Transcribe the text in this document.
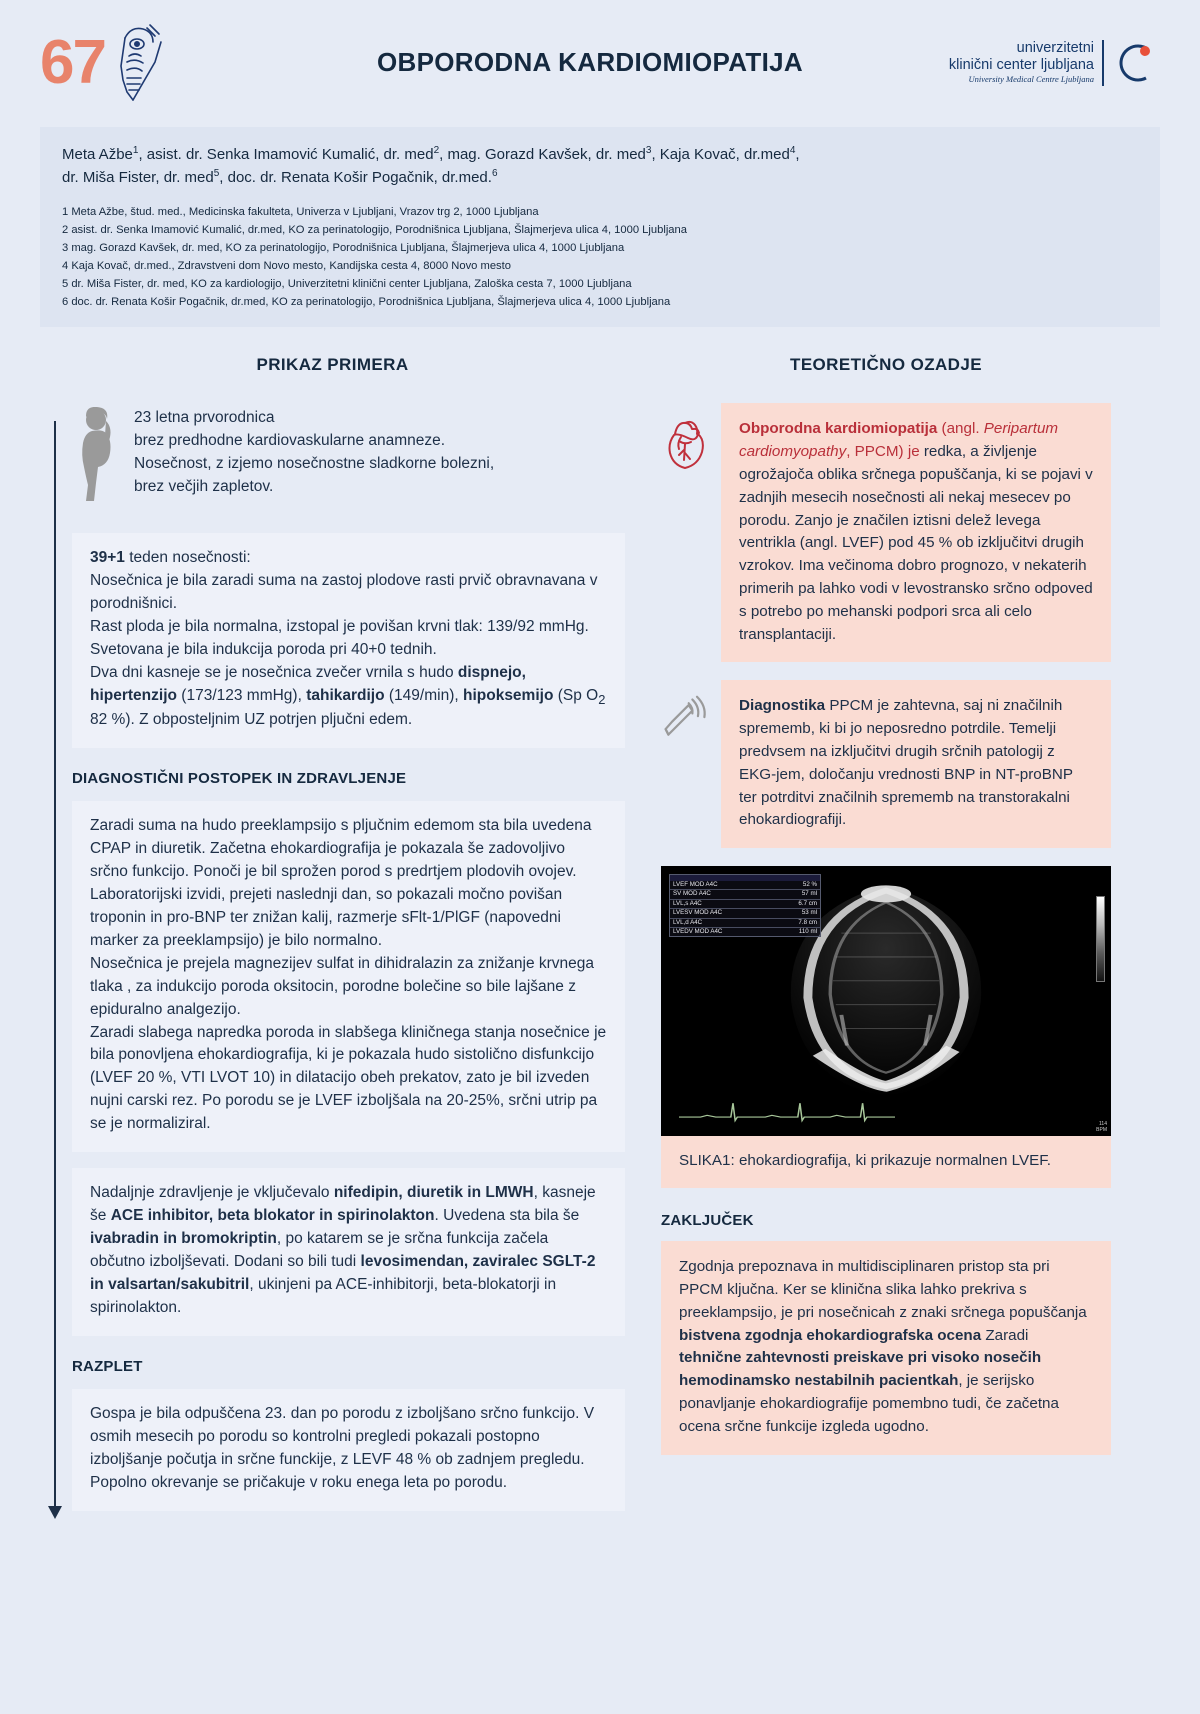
67	OBPORODNA KARDIOMIOPATIJA	univerzitetni
klinični center ljubljana
University Medical Centre Ljubljana
Meta Ažbe$^1$, asist. dr. Senka Imamović Kumalić, dr. med$^2$, mag. Gorazd Kavšek, dr. med$^3$, Kaja Kovač, dr.med$^4$,
dr. Miša Fister, dr. med$^5$, doc. dr. Renata Košir Pogačnik, dr.med.$^6$
1 Meta Ažbe, štud. med., Medicinska fakulteta, Univerza v Ljubljani, Vrazov trg 2, 1000 Ljubljana
2 asist. dr. Senka Imamović Kumalić, dr.med, KO za perinatologijo, Porodnišnica Ljubljana, Šlajmerjeva ulica 4, 1000 Ljubljana
3 mag. Gorazd Kavšek, dr. med, KO za perinatologijo, Porodnišnica Ljubljana, Šlajmerjeva ulica 4, 1000 Ljubljana
4 Kaja Kovač, dr.med., Zdravstveni dom Novo mesto, Kandijska cesta 4, 8000 Novo mesto
5 dr. Miša Fister, dr. med, KO za kardiologijo, Univerzitetni klinični center Ljubljana, Zaloška cesta 7, 1000 Ljubljana
6 doc. dr. Renata Košir Pogačnik, dr.med, KO za perinatologijo, Porodnišnica Ljubljana, Šlajmerjeva ulica 4, 1000 Ljubljana
PRIKAZ PRIMERA
23 letna prvorodnica
brez predhodne kardiovaskularne anamneze.
Nosečnost, z izjemo nosečnostne sladkorne bolezni,
brez večjih zapletov.
39+1 teden nosečnosti:
Nosečnica je bila zaradi suma na zastoj plodove rasti prvič obravnavana v porodnišnici.
Rast ploda je bila normalna, izstopal je povišan krvni tlak: 139/92 mmHg.
Svetovana je bila indukcija poroda pri 40+0 tednih.
Dva dni kasneje se je nosečnica zvečer vrnila s hudo dispnejo, hipertenzijo (173/123 mmHg), tahikardijo (149/min), hipoksemijo (Sp $O_2$ 82 %). Z obposteljnim UZ potrjen pljučni edem.
DIAGNOSTIČNI POSTOPEK IN ZDRAVLJENJE
Zaradi suma na hudo preeklampsijo s pljučnim edemom sta bila uvedena CPAP in diuretik. Začetna ehokardiografija je pokazala še zadovoljivo srčno funkcijo. Ponoči je bil sprožen porod s predrtjem plodovih ovojev.
Laboratorijski izvidi, prejeti naslednji dan, so pokazali močno povišan troponin in pro-BNP ter znižan kalij, razmerje sFlt-1/PlGF (napovedni marker za preeklampsijo) je bilo normalno.
Nosečnica je prejela magnezijev sulfat in dihidralazin za znižanje krvnega tlaka , za indukcijo poroda oksitocin, porodne bolečine so bile lajšane z epiduralno analgezijo.
Zaradi slabega napredka poroda in slabšega kliničnega stanja nosečnice je bila ponovljena ehokardiografija, ki je pokazala hudo sistolično disfunkcijo (LVEF 20 %, VTI LVOT 10) in dilatacijo obeh prekatov, zato je bil izveden nujni carski rez. Po porodu se je LVEF izboljšala na 20-25%, srčni utrip pa se je normaliziral.
Nadaljnje zdravljenje je vključevalo nifedipin, diuretik in LMWH, kasneje še ACE inhibitor, beta blokator in spirinolakton. Uvedena sta bila še ivabradin in bromokriptin, po katarem se je srčna funkcija začela občutno izboljševati. Dodani so bili tudi levosimendan, zaviralec SGLT-2 in valsartan/sakubitril, ukinjeni pa ACE-inhibitorji, beta-blokatorji in spirinolakton.
RAZPLET
Gospa je bila odpuščena 23. dan po porodu z izboljšano srčno funkcijo. V osmih mesecih po porodu so kontrolni pregledi pokazali postopno izboljšanje počutja in srčne funckije, z LEVF 48 % ob zadnjem pregledu. Popolno okrevanje se pričakuje v roku enega leta po porodu.
TEORETIČNO OZADJE
Obporodna kardiomiopatija (angl. Peripartum cardiomyopathy, PPCM) je redka, a življenje ogrožajoča oblika srčnega popuščanja, ki se pojavi v zadnjih mesecih nosečnosti ali nekaj mesecev po porodu. Zanjo je značilen iztisni delež levega ventrikla (angl. LVEF) pod 45 % ob izključitvi drugih vzrokov. Ima večinoma dobro prognozo, v nekaterih primerih pa lahko vodi v levostransko srčno odpoved s potrebo po mehanski podpori srca ali celo transplantaciji.
Diagnostika PPCM je zahtevna, saj ni značilnih sprememb, ki bi jo neposredno potrdile. Temelji predvsem na izključitvi drugih srčnih patologij z EKG-jem, določanju vrednosti BNP in NT-proBNP ter potrditvi značilnih sprememb na transtorakalni ehokardiografiji.
LVEF MOD A4C	52 %
SV MOD A4C	57 ml
LVL,s A4C	6.7 cm
LVESV MOD A4C	53 ml
LVL,d A4C	7.8 cm
LVEDV MOD A4C	110 ml
114
BPM
SLIKA1: ehokardiografija, ki prikazuje normalnen LVEF.
ZAKLJUČEK
Zgodnja prepoznava in multidisciplinaren pristop sta pri PPCM ključna. Ker se klinična slika lahko prekriva s preeklampsijo, je pri nosečnicah z znaki srčnega popuščanja bistvena zgodnja ehokardiografska ocena Zaradi tehnične zahtevnosti preiskave pri visoko nosečih hemodinamsko nestabilnih pacientkah, je serijsko ponavljanje ehokardiografije pomembno tudi, če začetna ocena srčne funkcije izgleda ugodno.
